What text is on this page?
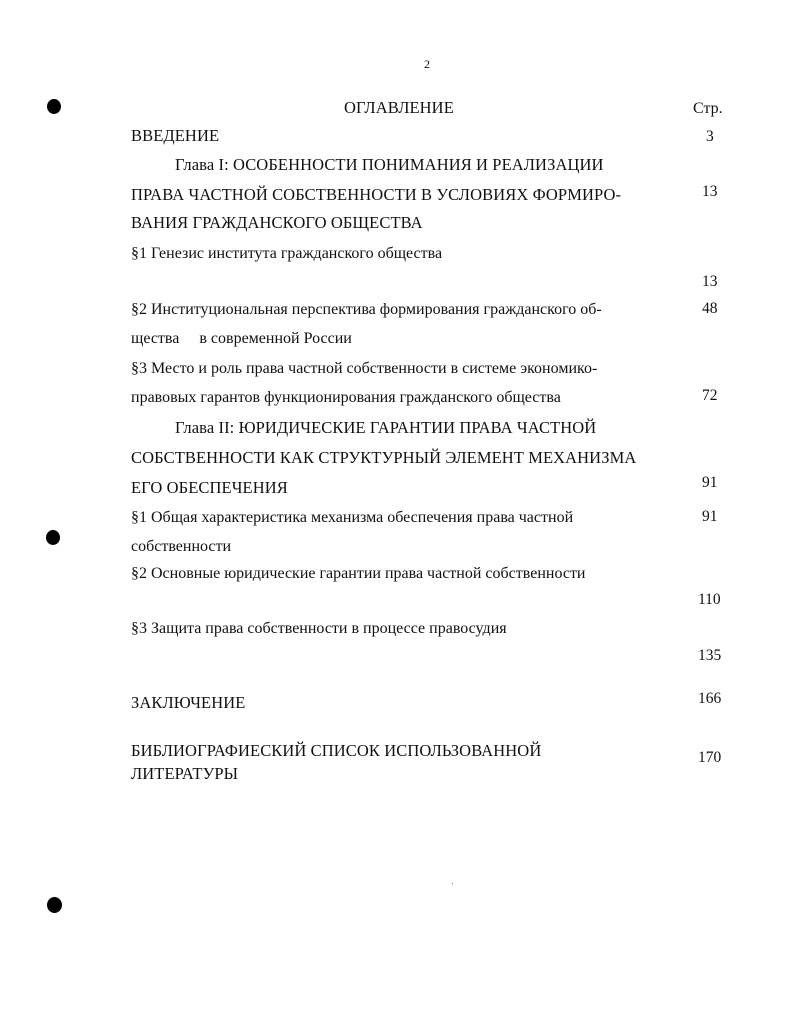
2
ОГЛАВЛЕНИЕ	Стр.
ВВЕДЕНИЕ	3
Глава I: ОСОБЕННОСТИ ПОНИМАНИЯ И РЕАЛИЗАЦИИ
ПРАВА ЧАСТНОЙ СОБСТВЕННОСТИ В УСЛОВИЯХ ФОРМИРО-	13
ВАНИЯ ГРАЖДАНСКОГО ОБЩЕСТВА
§1 Генезис института гражданского общества
13
§2 Институциональная перспектива формирования гражданского об-	48
щества     в современной России
§3 Место и роль права частной собственности в системе экономико-
правовых гарантов функционирования гражданского общества	72
Глава II: ЮРИДИЧЕСКИЕ ГАРАНТИИ ПРАВА ЧАСТНОЙ
СОБСТВЕННОСТИ КАК СТРУКТУРНЫЙ ЭЛЕМЕНТ МЕХАНИЗМА
ЕГО ОБЕСПЕЧЕНИЯ	91
§1 Общая характеристика механизма обеспечения права частной	91
собственности
§2 Основные юридические гарантии права частной собственности
110
§3 Защита права собственности в процессе правосудия
135
ЗАКЛЮЧЕНИЕ	166
БИБЛИОГРАФИЕСКИЙ СПИСОК ИСПОЛЬЗОВАННОЙ	170
ЛИТЕРАТУРЫ
